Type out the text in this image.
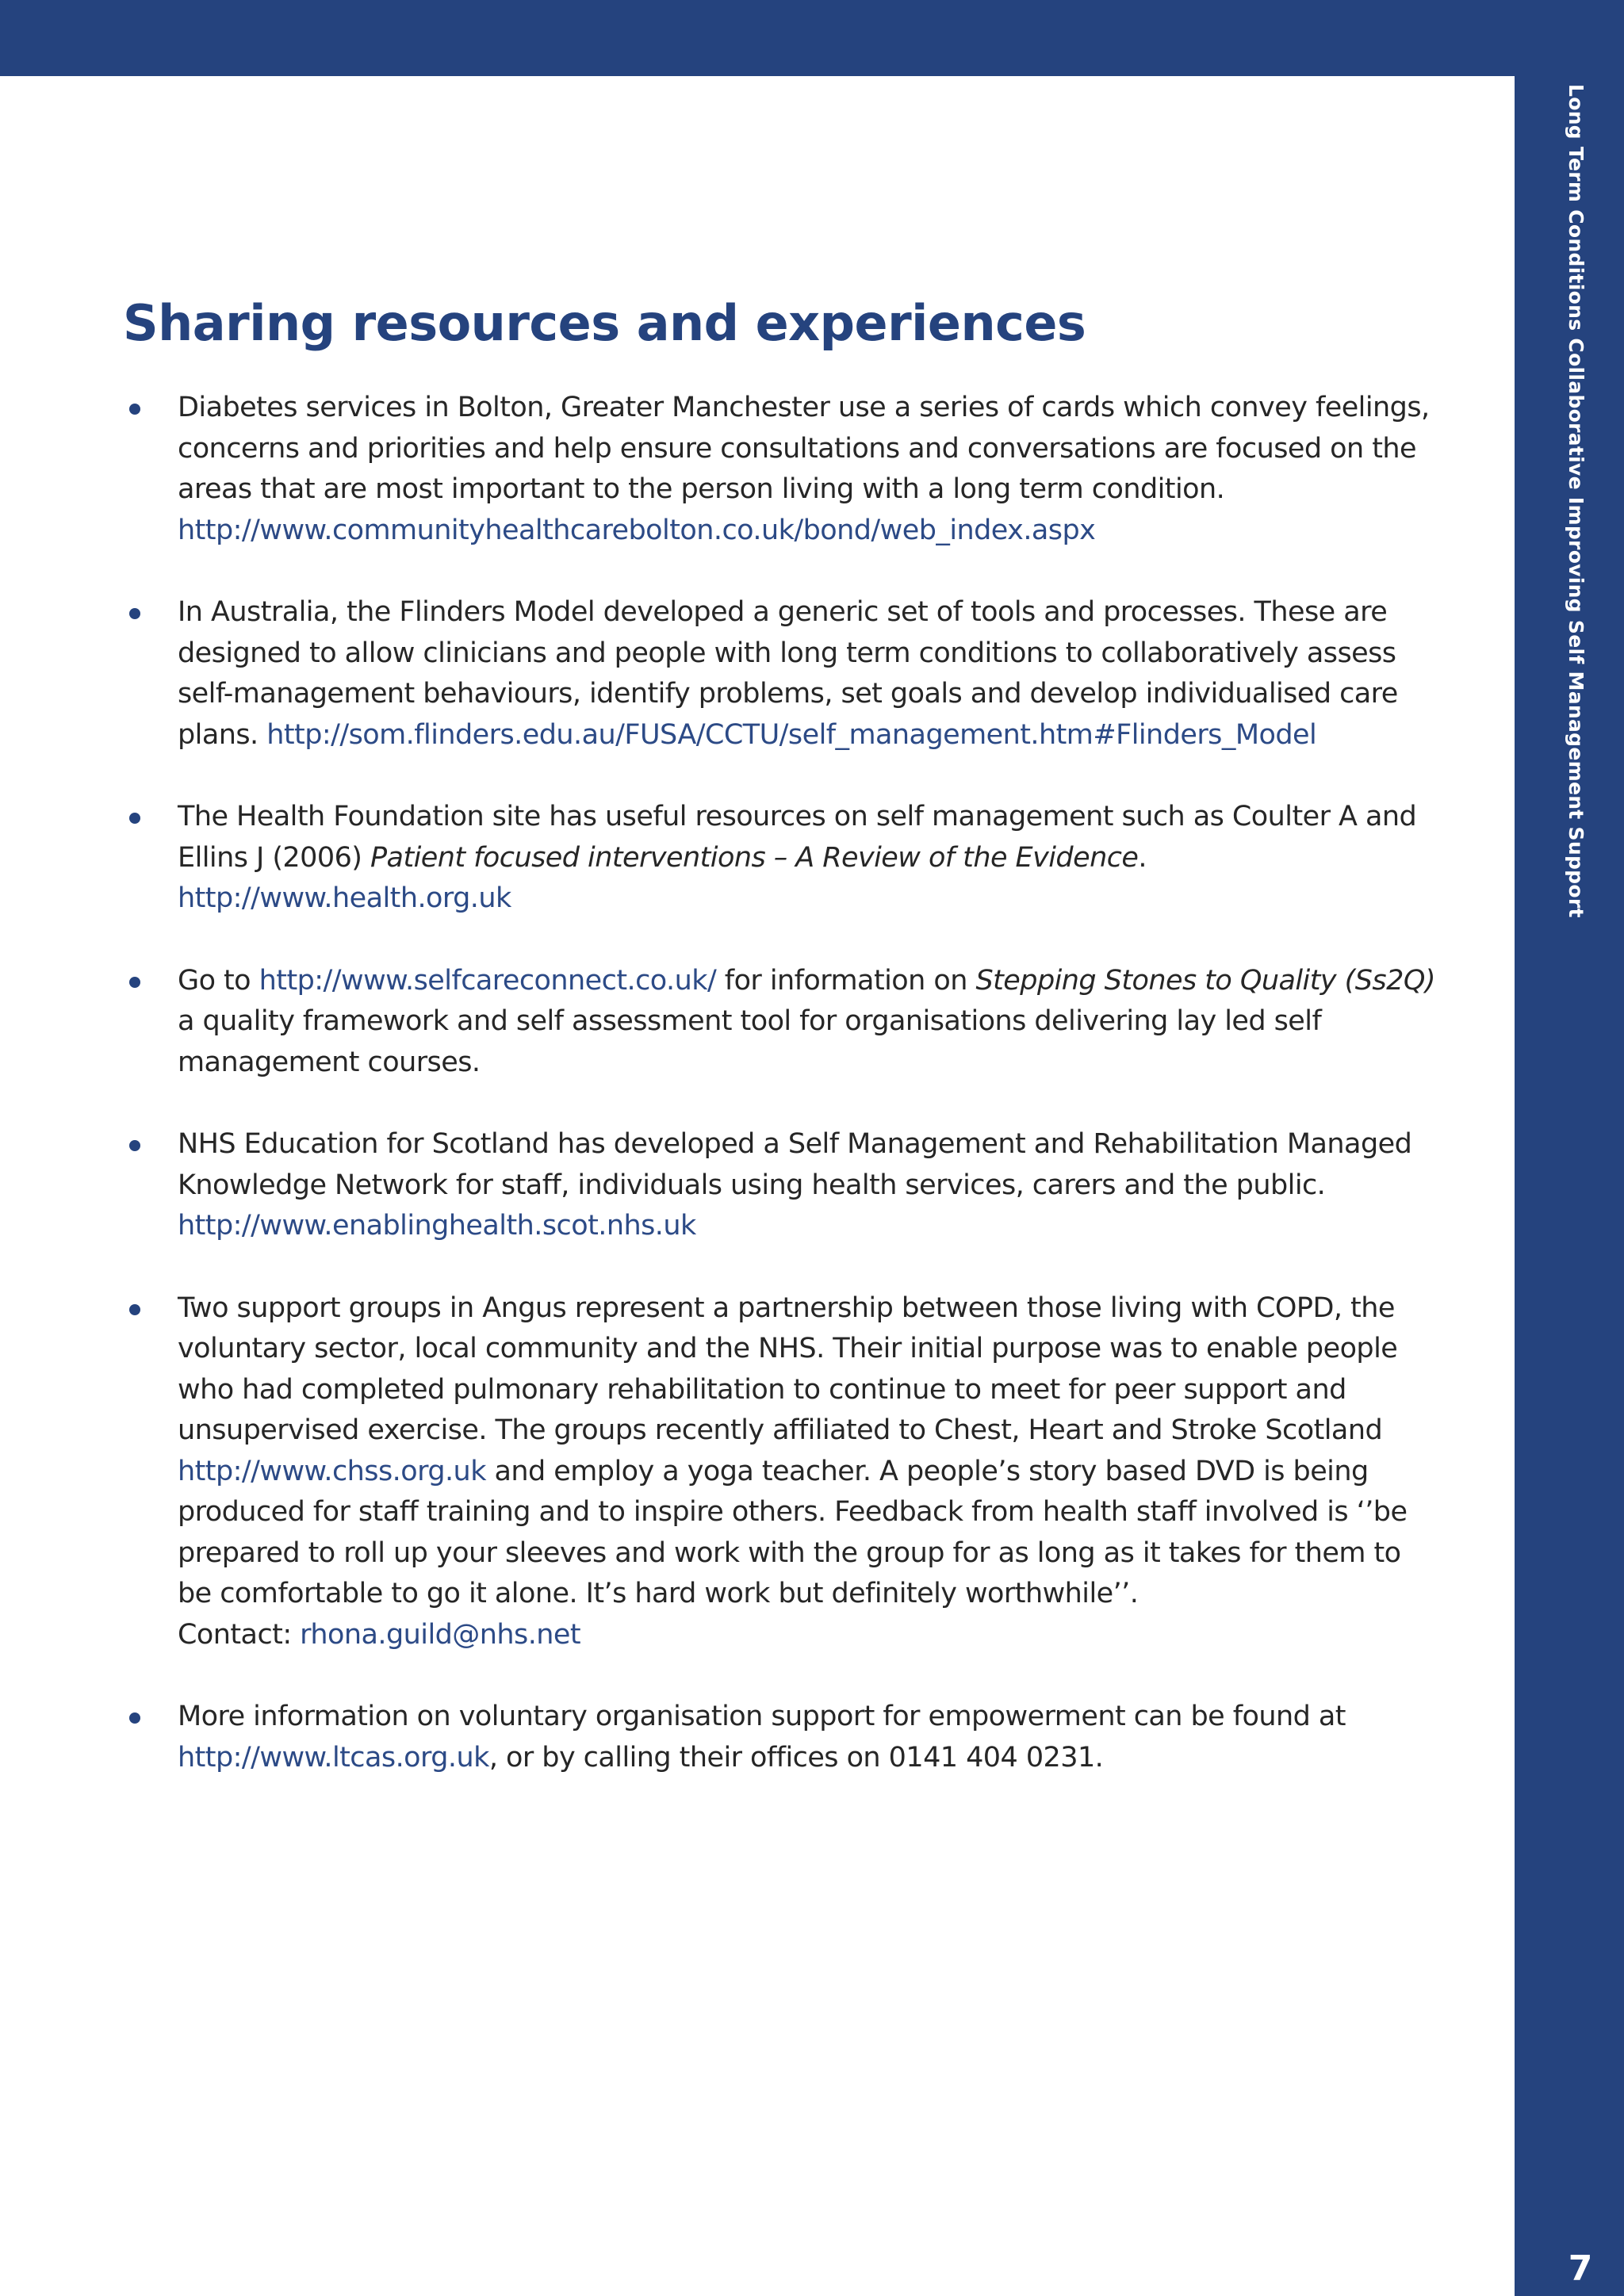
Long Term Conditions Collaborative Improving Self Management Support
7
Sharing resources and experiences
Diabetes services in Bolton, Greater Manchester use a series of cards which convey feelings, concerns and priorities and help ensure consultations and conversations are focused on the areas that are most important to the person living with a long term condition.
http://www.communityhealthcarebolton.co.uk/bond/web_index.aspx
In Australia, the Flinders Model developed a generic set of tools and processes. These are designed to allow clinicians and people with long term conditions to collaboratively assess self-management behaviours, identify problems, set goals and develop individualised care plans. http://som.flinders.edu.au/FUSA/CCTU/self_management.htm#Flinders_Model
The Health Foundation site has useful resources on self management such as Coulter A and Ellins J (2006) Patient focused interventions – A Review of the Evidence. http://www.health.org.uk
Go to http://www.selfcareconnect.co.uk/ for information on Stepping Stones to Quality (Ss2Q) a quality framework and self assessment tool for organisations delivering lay led self management courses.
NHS Education for Scotland has developed a Self Management and Rehabilitation Managed Knowledge Network for staff, individuals using health services, carers and the public.
http://www.enablinghealth.scot.nhs.uk
Two support groups in Angus represent a partnership between those living with COPD, the voluntary sector, local community and the NHS. Their initial purpose was to enable people who had completed pulmonary rehabilitation to continue to meet for peer support and unsupervised exercise. The groups recently affiliated to Chest, Heart and Stroke Scotland http://www.chss.org.uk and employ a yoga teacher. A people’s story based DVD is being produced for staff training and to inspire others. Feedback from health staff involved is ‘’be prepared to roll up your sleeves and work with the group for as long as it takes for them to be comfortable to go it alone. It’s hard work but definitely worthwhile’’.
Contact: rhona.guild@nhs.net
More information on voluntary organisation support for empowerment can be found at http://www.ltcas.org.uk, or by calling their offices on 0141 404 0231.
